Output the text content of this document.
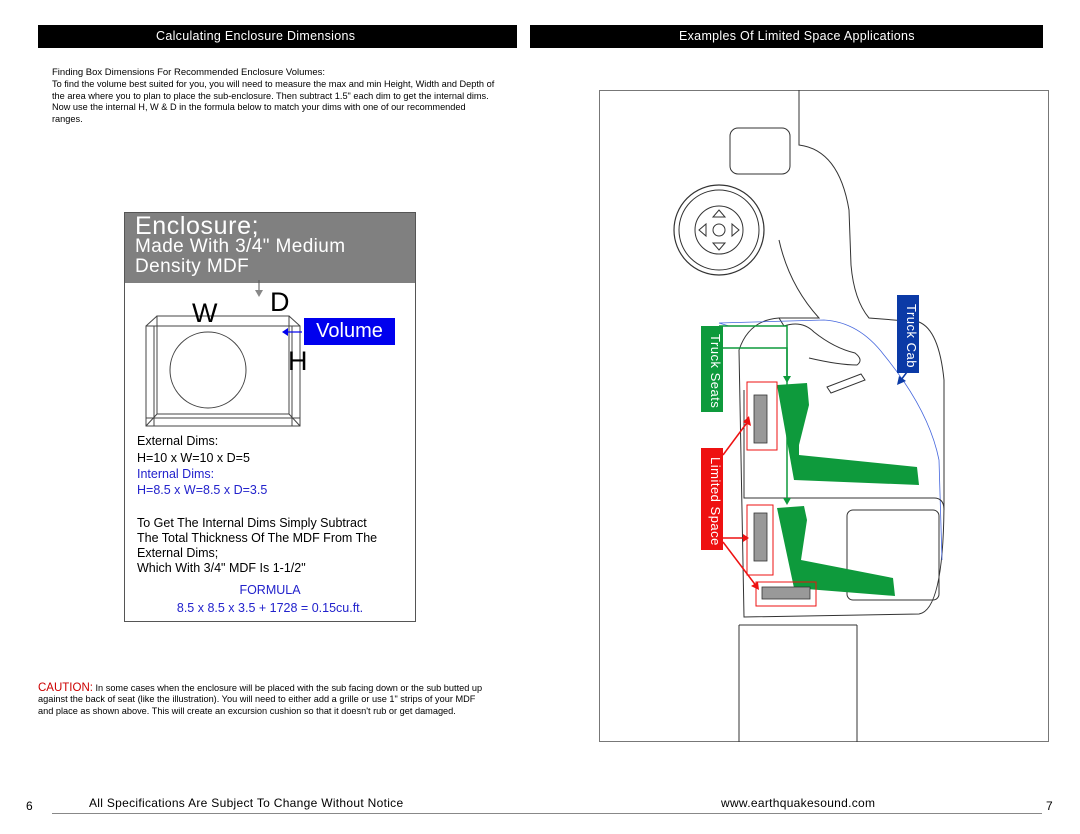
Calculating Enclosure Dimensions	Examples Of Limited Space Applications
Finding Box Dimensions For Recommended Enclosure Volumes:
To find the volume best suited for you, you will need to measure the max and min Height, Width and Depth of the area where you to plan to place the sub-enclosure. Then subtract 1.5" each dim to get the internal dims. Now use the internal H, W & D in the formula below to match your dims with one of our recommended ranges.
Enclosure;
Made With 3/4" Medium Density MDF
W D
H
Volume
External Dims:
H=10 x W=10 x D=5
Internal Dims:
H=8.5 x W=8.5 x D=3.5
To Get The Internal Dims Simply Subtract
The Total Thickness Of The MDF From The
External Dims;
Which With 3/4" MDF Is 1-1/2"
FORMULA
8.5 x 8.5 x 3.5 + 1728 = 0.15cu.ft.
CAUTION: In some cases when the enclosure will be placed with the sub facing down or the sub butted up against the back of seat (like the illustration). You will need to either add a grille or use 1" strips of your MDF and place as shown above. This will create an excursion cushion so that it doesn't rub or get damaged.
Truck Cab
Truck Seats
Limited Space
6	All Specifications Are Subject To Change Without Notice	www.earthquakesound.com	7
